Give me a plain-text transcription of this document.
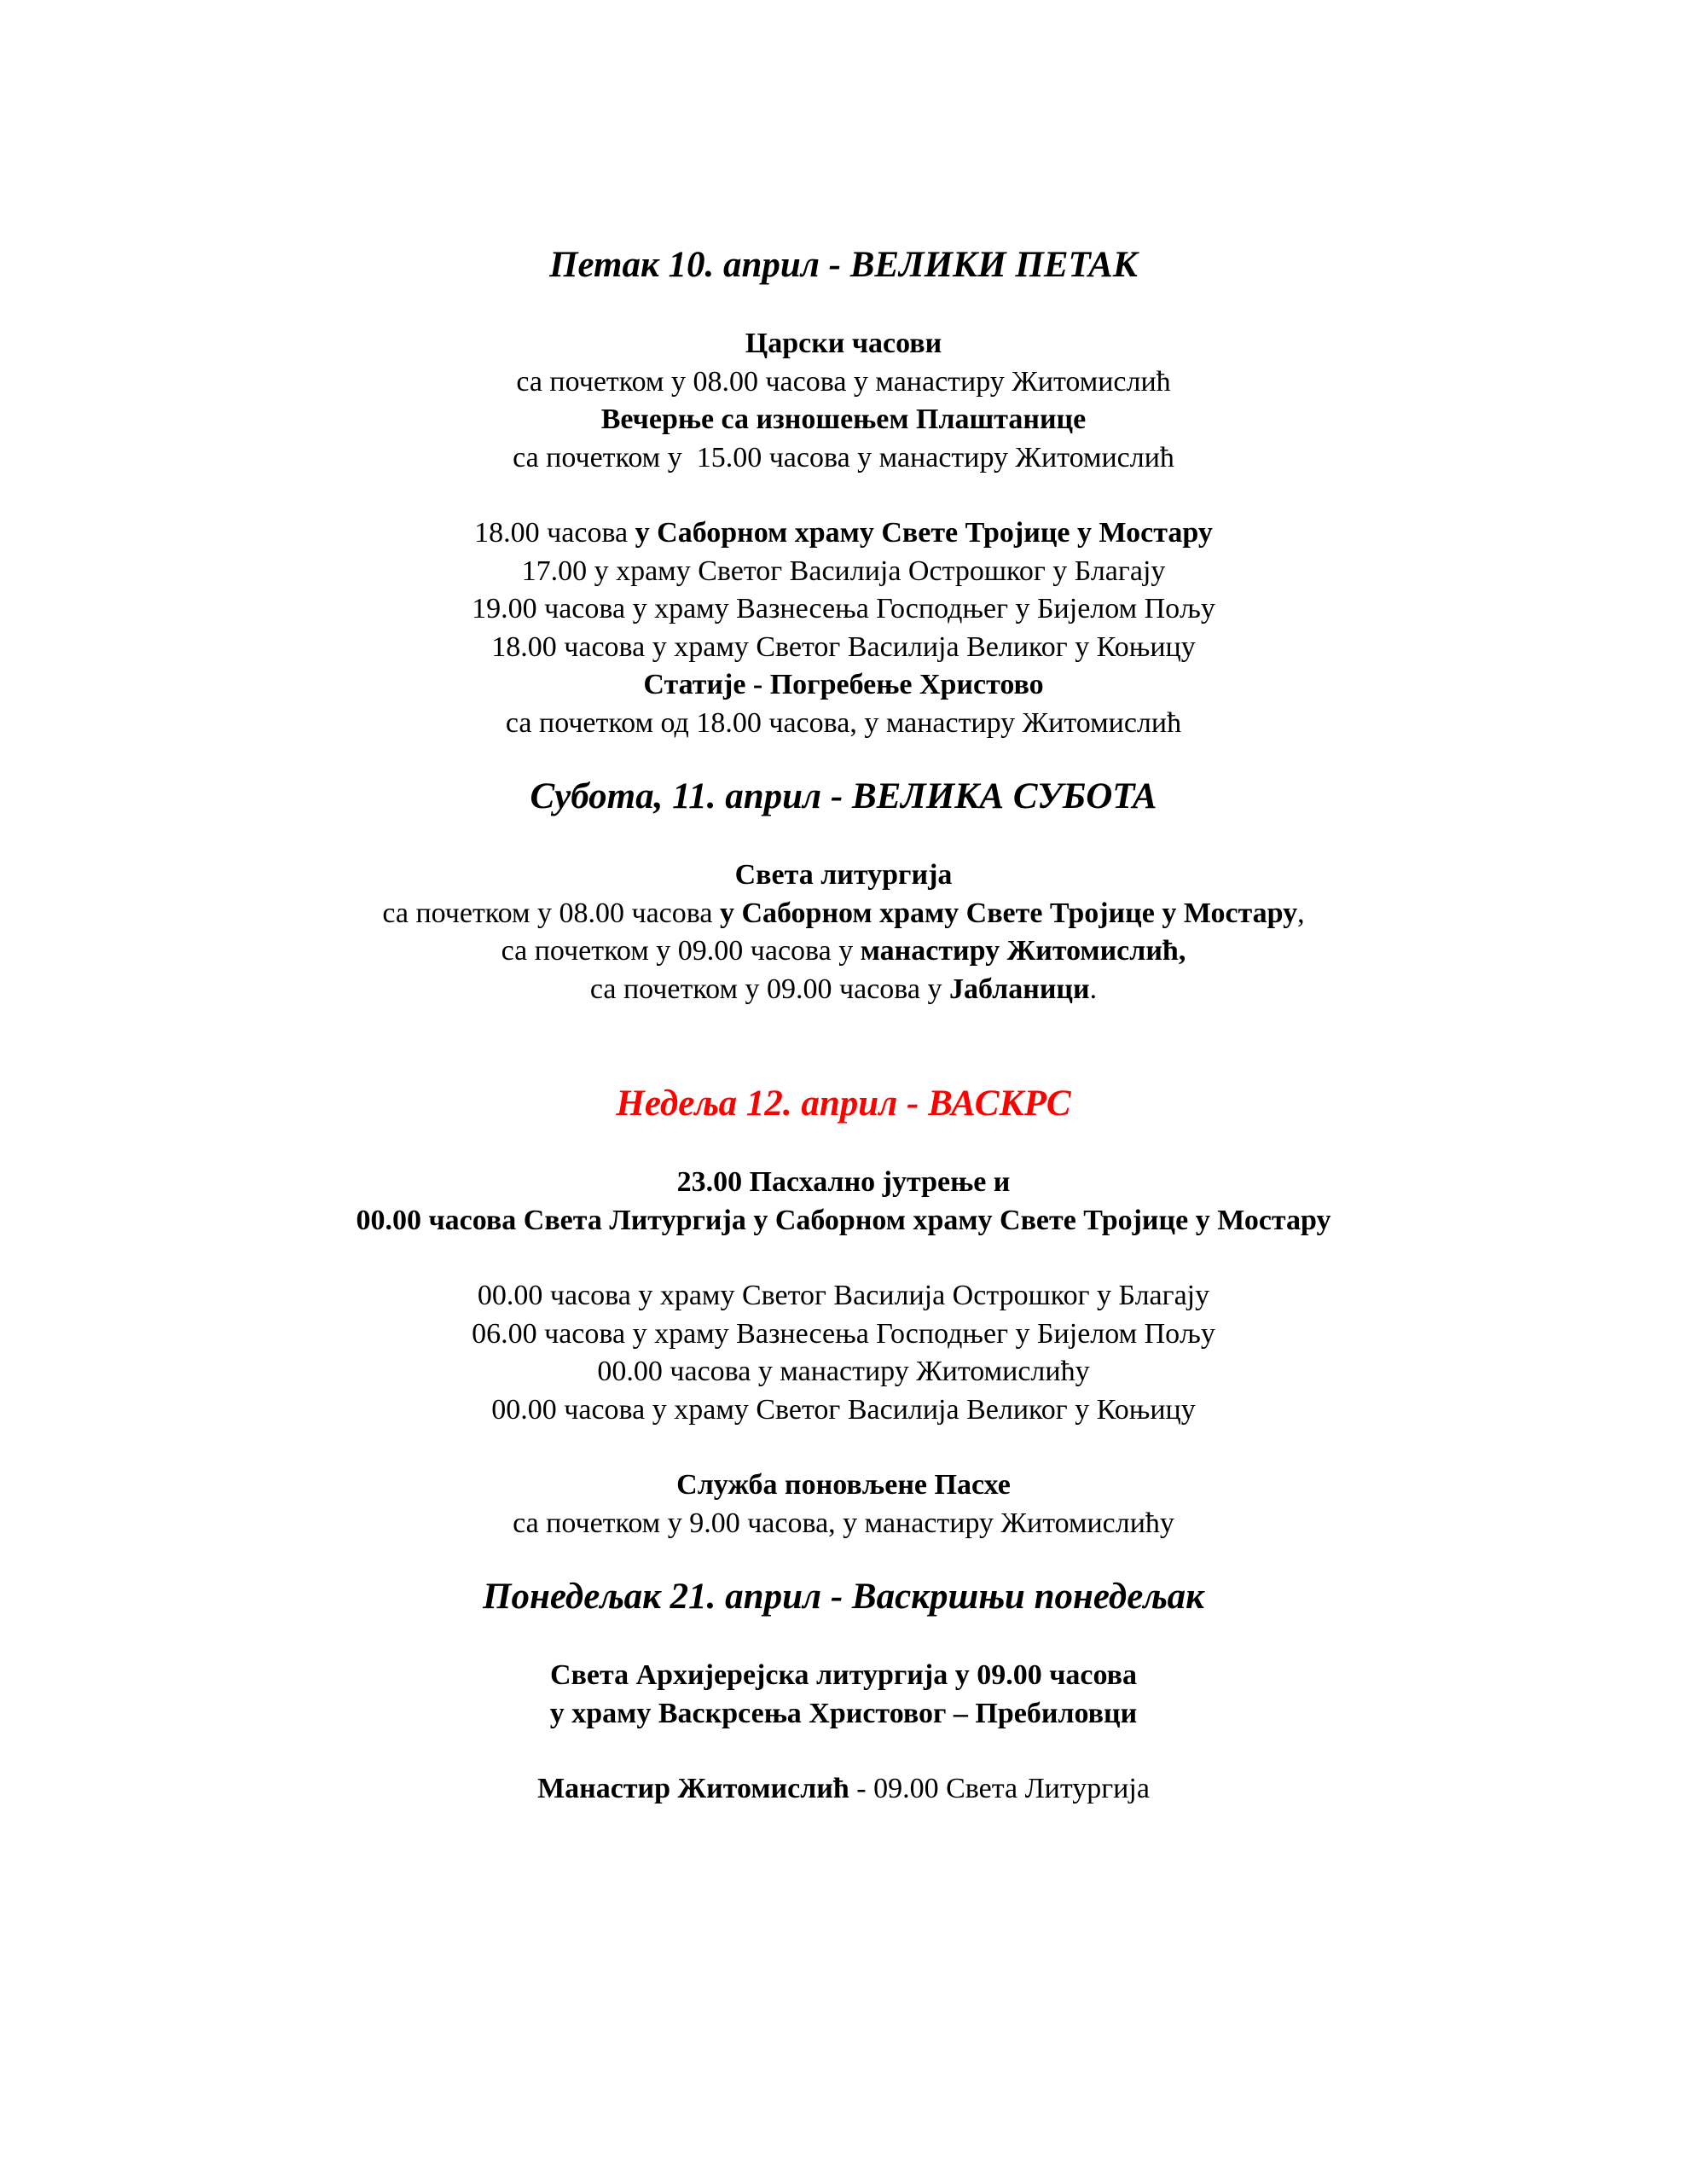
Петак 10. април - ВЕЛИКИ ПЕТАК

Царски часови

са почетком у 08.00 часова у манастиру Житомислић

Вечерње са изношењем Плаштанице

са почетком у  15.00 часова у манастиру Житомислић

18.00 часова у Саборном храму Свете Тројице у Мостару

17.00 у храму Светог Василија Острошког у Благају

19.00 часова у храму Вазнесења Господњег у Бијелом Пољу

18.00 часова у храму Светог Василија Великог у Коњицу

Статије - Погребење Христово

са почетком од 18.00 часова, у манастиру Житомислић

Субота, 11. април - ВЕЛИКА СУБОТА

Света литургија

са почетком у 08.00 часова у Саборном храму Свете Тројице у Мостару,

са почетком у 09.00 часова у манастиру Житомислић,

са почетком у 09.00 часова у Јабланици.

Недеља 12. април - ВАСКРС

23.00 Пасхално јутрење и

00.00 часова Света Литургија у Саборном храму Свете Тројице у Мостару

00.00 часова у храму Светог Василија Острошког у Благају

06.00 часова у храму Вазнесења Господњег у Бијелом Пољу

00.00 часова у манастиру Житомислићу

00.00 часова у храму Светог Василија Великог у Коњицу

Служба поновљене Пасхе

са почетком у 9.00 часова, у манастиру Житомислићу

Понедељак 21. април - Васкршњи понедељак

Света Архијерејска литургија у 09.00 часова

у храму Васкрсења Христовог – Пребиловци

Манастир Житомислић - 09.00 Света Литургија
